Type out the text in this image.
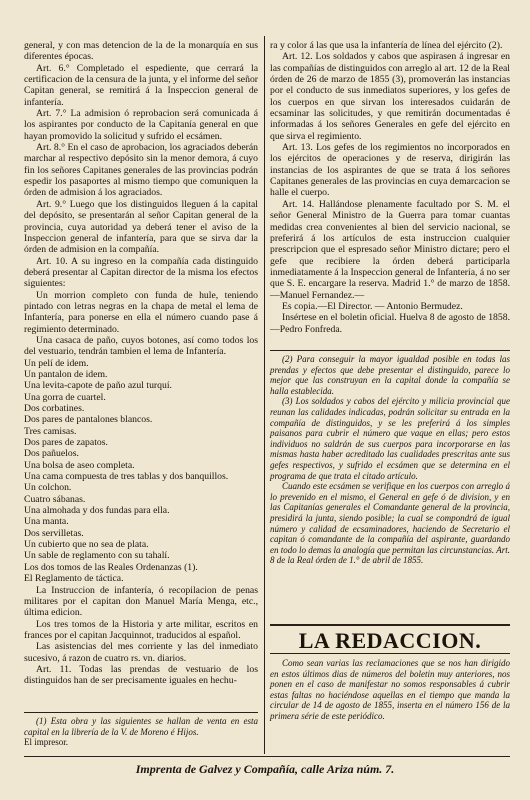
general, y con mas detencion de la de la monarquía en sus diferentes épocas.

Art. 6.° Completado el espediente, que cerrará la certificacion de la censura de la junta, y el informe del señor Capitan general, se remitirá á la Inspeccion general de infantería.

Art. 7.° La admision ó reprobacion será comunicada á los aspirantes por conducto de la Capitanía general en que hayan promovido la solicitud y sufrido el ecsámen.

Art. 8.° En el caso de aprobacion, los agraciados deberán marchar al respectivo depósito sin la menor demora, á cuyo fin los señores Capitanes generales de las provincias podrán espedir los pasaportes al mismo tiempo que comuniquen la órden de admision á los agraciados.

Art. 9.° Luego que los distinguidos lleguen á la capital del depósito, se presentarán al señor Capitan general de la provincia, cuya autoridad ya deberá tener el aviso de la Inspeccion general de infantería, para que se sirva dar la órden de admision en la compañía.

Art. 10. A su ingreso en la compañía cada distinguido deberá presentar al Capitan director de la misma los efectos siguientes:

Un morrion completo con funda de hule, teniendo pintado con letras negras en la chapa de metal el lema de Infantería, para ponerse en ella el número cuando pase á regimiento determinado.

Una casaca de paño, cuyos botones, así como todos los del vestuario, tendrán tambien el lema de Infantería.

Un pelí de idem.

Un pantalon de idem.

Una levita-capote de paño azul turquí.

Una gorra de cuartel.

Dos corbatines.

Dos pares de pantalones blancos.

Tres camisas.

Dos pares de zapatos.

Dos pañuelos.

Una bolsa de aseo completa.

Una cama compuesta de tres tablas y dos banquillos.

Un colchon.

Cuatro sábanas.

Una almohada y dos fundas para ella.

Una manta.

Dos servilletas.

Un cubierto que no sea de plata.

Un sable de reglamento con su tahalí.

Los dos tomos de las Reales Ordenanzas (1).

El Reglamento de táctica.

La Instruccion de infantería, ó recopilacion de penas militares por el capitan don Manuel María Menga, etc., última edicion.

Los tres tomos de la Historia y arte militar, escritos en frances por el capitan Jacquinnot, traducidos al español.

Las asistencias del mes corriente y las del inmediato sucesivo, á razon de cuatro rs. vn. diarios.

Art. 11. Todas las prendas de vestuario de los distinguidos han de ser precisamente iguales en hechu-

(1) Esta obra y las siguientes se hallan de venta en esta capital en la librería de la V. de Moreno é Hijos.

El impresor.

ra y color á las que usa la infantería de línea del ejército (2).

Art. 12. Los soldados y cabos que aspirasen á ingresar en las compañías de distinguidos con arreglo al art. 12 de la Real órden de 26 de marzo de 1855 (3), promoverán las instancias por el conducto de sus inmediatos superiores, y los gefes de los cuerpos en que sirvan los interesados cuidarán de ecsaminar las solicitudes, y que remitirán documentadas é informadas á los señores Generales en gefe del ejército en que sirva el regimiento.

Art. 13. Los gefes de los regimientos no incorporados en los ejércitos de operaciones y de reserva, dirigirán las instancias de los aspirantes de que se trata á los señores Capitanes generales de las provincias en cuya demarcacion se halle el cuerpo.

Art. 14. Hallándose plenamente facultado por S. M. el señor General Ministro de la Guerra para tomar cuantas medidas crea convenientes al bien del servicio nacional, se preferirá á los artículos de esta instruccion cualquier prescripcion que el espresado señor Ministro dictare; pero el gefe que recibiere la órden deberá participarla inmediatamente á la Inspeccion general de Infantería, á no ser que S. E. encargare la reserva. Madrid 1.° de marzo de 1858.—Manuel Fernandez.—

Es copia.—El Director. — Antonio Bermudez.

Insértese en el boletin oficial. Huelva 8 de agosto de 1858.—Pedro Fonfreda.

(2) Para conseguir la mayor igualdad posible en todas las prendas y efectos que debe presentar el distinguido, parece lo mejor que las construyan en la capital donde la compañía se halla establecida.

(3) Los soldados y cabos del ejército y milicia provincial que reunan las calidades indicadas, podrán solicitar su entrada en la compañía de distinguidos, y se les preferirá á los simples paisanos para cubrir el número que vaque en ellas; pero estos individuos no saldrán de sus cuerpos para incorporarse en las mismas hasta haber acreditado las cualidades prescritas ante sus gefes respectivos, y sufrido el ecsámen que se determina en el programa de que trata el citado artículo.

Cuando este ecsámen se verifique en los cuerpos con arreglo á lo prevenido en el mismo, el General en gefe ó de division, y en las Capitanías generales el Comandante general de la provincia, presidirá la junta, siendo posible; la cual se compondrá de igual número y calidad de ecsaminadores, haciendo de Secretario el capitan ó comandante de la compañía del aspirante, guardando en todo lo demas la analogía que permitan las circunstancias. Art. 8 de la Real órden de 1.° de abril de 1855.

LA REDACCION.

Como sean varias las reclamaciones que se nos han dirigido en estos últimos dias de números del boletin muy anteriores, nos ponen en el caso de manifestar no somos responsables á cubrir estas faltas no haciéndose aquellas en el tiempo que manda la circular de 14 de agosto de 1855, inserta en el número 156 de la primera série de este periódico.

Imprenta de Galvez y Compañía, calle Ariza núm. 7.
